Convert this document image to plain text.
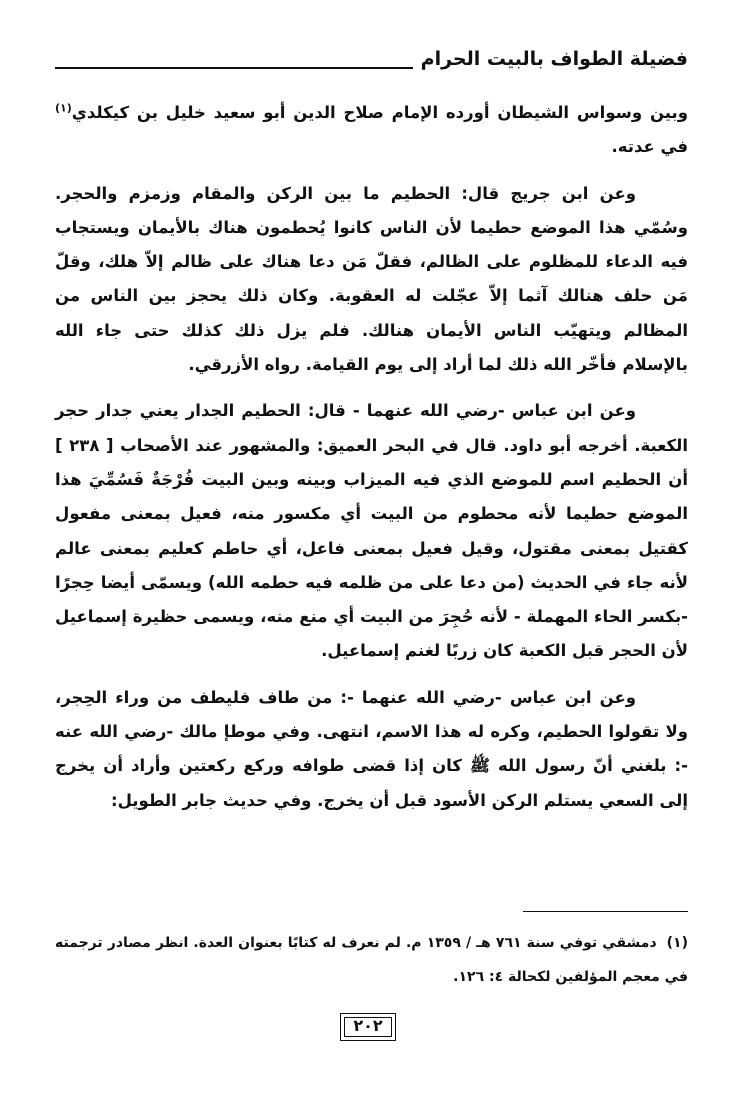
فضيلة الطواف بالبيت الحرام

وبين وسواس الشيطان أورده الإمام صلاح الدين أبو سعيد خليل بن كيكلدي$^{(١)}$ في عدته.

وعن ابن جريج قال: الحطيم ما بين الركن والمقام وزمزم والحجر. وسُمّي هذا الموضع حطيما لأن الناس كانوا يُحطمون هناك بالأيمان ويستجاب فيه الدعاء للمظلوم على الظالم، فقلّ مَن دعا هناك على ظالم إلاّ هلك، وقلّ مَن حلف هنالك آثما إلاّ عجّلت له العقوبة. وكان ذلك يحجز بين الناس من المظالم ويتهيّب الناس الأيمان هنالك. فلم يزل ذلك كذلك حتى جاء الله بالإسلام فأخّر الله ذلك لما أراد إلى يوم القيامة. رواه الأزرقي.

وعن ابن عباس -رضي الله عنهما - قال: الحطيم الجدار يعني جدار حجر الكعبة. أخرجه أبو داود. قال في البحر العميق: والمشهور عند الأصحاب [ ٢٣٨ ] أن الحطيم اسم للموضع الذي فيه الميزاب وبينه وبين البيت فُرْجَةٌ فَسُمِّيَ هذا الموضع حطيما لأنه محطوم من البيت أي مكسور منه، فعيل بمعنى مفعول كقتيل بمعنى مقتول، وقيل فعيل بمعنى فاعل، أي حاطم كعليم بمعنى عالم لأنه جاء في الحديث (من دعا على من ظلمه فيه حطمه الله) ويسمّى أيضا حِجرًا -بكسر الحاء المهملة - لأنه حُجِرَ من البيت أي منع منه، ويسمى حظيرة إسماعيل لأن الحجر قبل الكعبة كان زربًا لغنم إسماعيل.

وعن ابن عباس -رضي الله عنهما -: من طاف فليطف من وراء الحِجر، ولا تقولوا الحطيم، وكره له هذا الاسم، انتهى. وفي موطإ مالك -رضي الله عنه -: بلغني أنّ رسول الله ﷺ كان إذا قضى طوافه وركع ركعتين وأراد أن يخرج إلى السعي يستلم الركن الأسود قبل أن يخرج. وفي حديث جابر الطويل:

(١)دمشقي توفي سنة ٧٦١ هـ / ١٣٥٩ م. لم نعرف له كتابًا بعنوان العدة. انظر مصادر ترجمته في معجم المؤلفين لكحالة ٤: ١٢٦.
٢٠٢
